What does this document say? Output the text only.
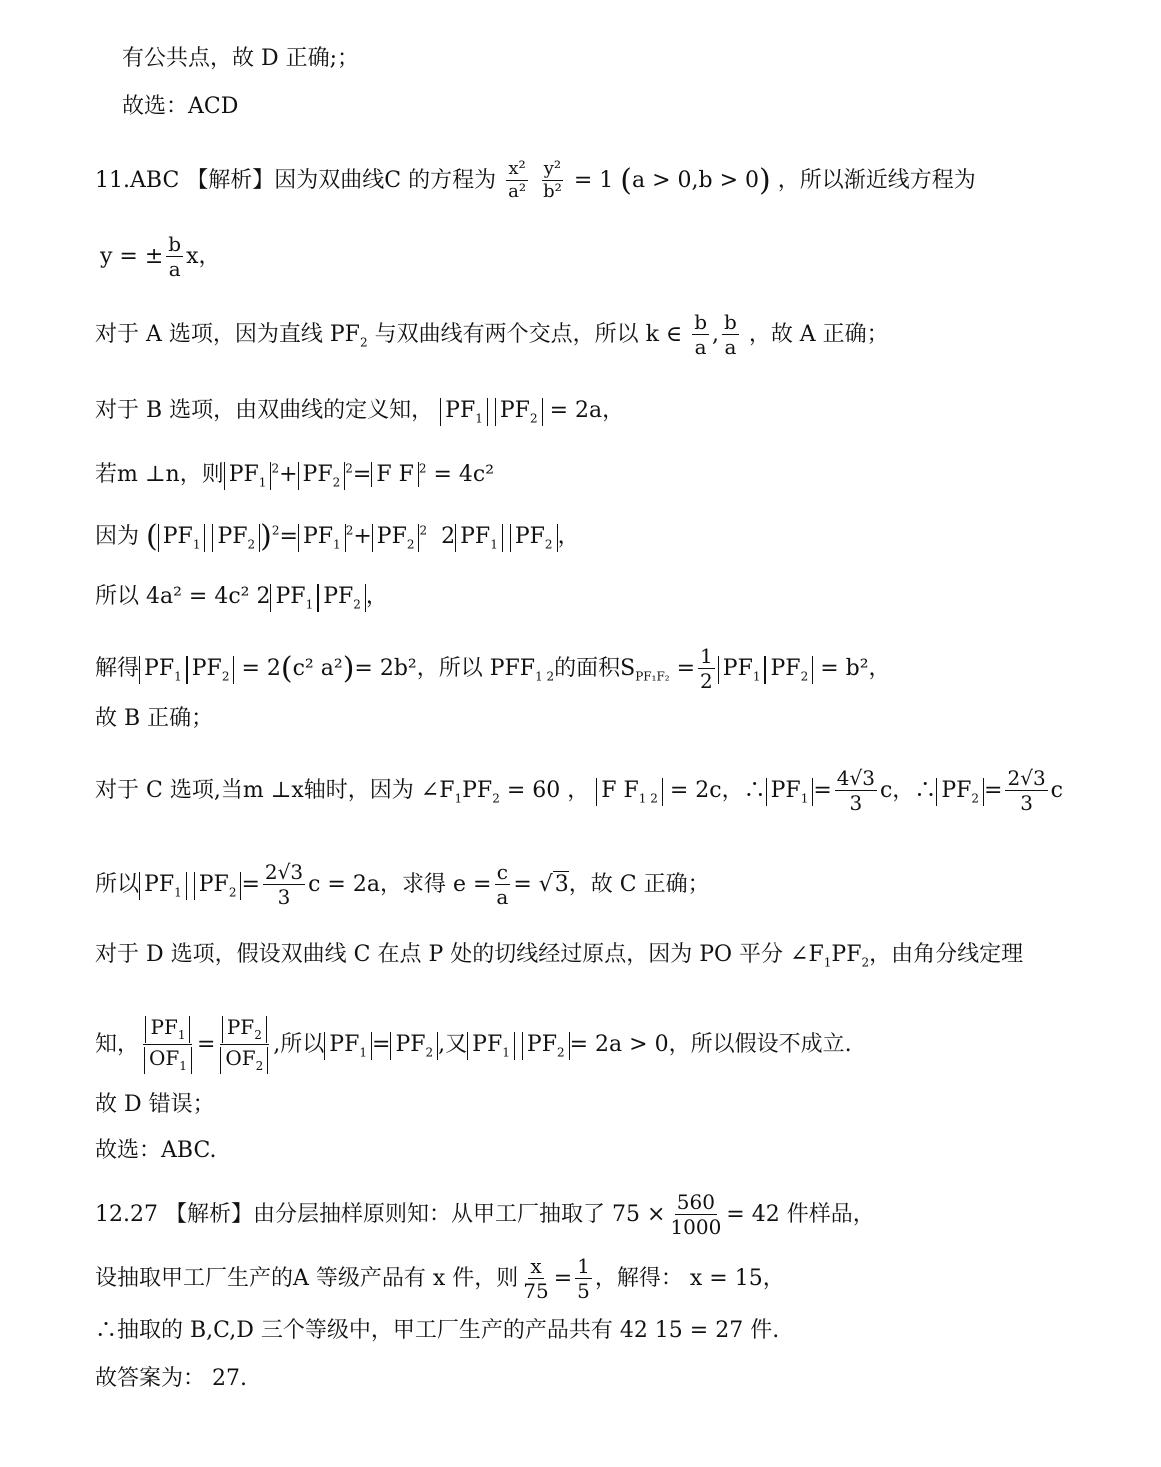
有公共点，故 D 正确;；
故选：ACD
11.ABC 【解析】因为双曲线C 的方程为 $\frac{\text{x²}}{\text{a²}}$
$\frac{\text{y²}}{\text{b²}} = 1$ (a > 0,b > 0) ，所以渐近线方程为
y = ± $\frac{b}{a}$ x，
对于 A 选项，因为直线 $PF_2$ 与双曲线有两个交点，所以 k ∈ $\frac{b}{a}$ , $\frac{b}{a}$ ，故 A 正确；
对于 B 选项，由双曲线的定义知， $PF_1$ $PF_2 = 2a$，
若m ⊥n，则 $PF_1^2+ PF_2^2= F$ F $^2$ = 4c²
因为 ( $PF_1$ $PF_2$ )$^2= PF_1^2+ PF_2^2$ 2 $PF_1$ $PF_2$ ，
所以 4a² = 4c² 2 $PF_1$ $PF_2$ ，
解得 $PF_1$ $PF_2 = 2(c^2$ a²)= 2b²，所以 $PFF_{1 2}$的面积$S_{PF_1F_2} = \frac{1}{2} PF_1$ $PF_2 = b^2$，
故 B 正确；
对于 C 选项,当m ⊥x轴时，因为 $\angle F_1PF_2 = 60$ ， F $F_{1 2} = 2c$，∴ $PF_1 = \frac{4√3}{3}$ c，∴ $PF_2 = \frac{2√3}{3}$ c
所以 $PF_1$ $PF_2 = \frac{2√3}{3}$ c = 2a，求得 $e = \frac{c}{a} = √3$，故 C 正确；
对于 D 选项，假设双曲线 C 在点 P 处的切线经过原点，因为 PO 平分 $\angle F_1PF_2$，由角分线定理
知， $\frac{PF_1}{OF_1} = \frac{PF_2}{OF_2}$ ,所以 $PF_1 = PF_2$ ,又 $PF_1$ $PF_2 = 2a > 0$，所以假设不成立.
故 D 错误；
故选：ABC.
12.27 【解析】由分层抽样原则知：从甲工厂抽取了 $75 \times \frac{560}{1000} = 42$ 件样品，
设抽取甲工厂生产的A 等级产品有 x 件，则 $\frac{x}{75} = \frac{1}{5}$ ，解得： x = 15，
∴抽取的 B,C,D 三个等级中，甲工厂生产的产品共有 42 15 = 27 件.
故答案为： 27.
